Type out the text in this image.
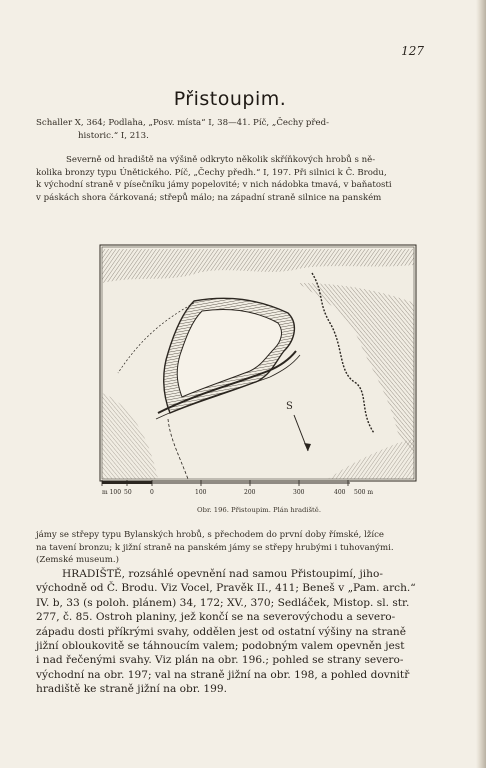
127
Přistoupim.
Schaller X, 364; Podlaha, „Posv. místa“ I, 38—41. Píč, „Čechy před-
historic.“ I, 213.

Severně od hradiště na výšině odkryto několik skříňkových hrobů s ně-

kolika bronzy typu Únětického. Píč, „Čechy předh.“ I, 197. Při silnici k Č. Brodu,

k východní straně v písečníku jámy popelovité; v nich nádobka tmavá, v baňatosti

v páskách shora čárkovaná; střepů málo; na západní straně silnice na panském

S
m 100 50	0	100	200	300	400 500 m
Obr. 196. Přistoupim. Plán hradiště.

jámy se střepy typu Bylanských hrobů, s přechodem do první doby římské, lžíce

na tavení bronzu; k jižní straně na panském jámy se střepy hrubými i tuhovanými.

(Zemské museum.)

HRADIŠTĚ, rozsáhlé opevnění nad samou Přistoupimí, jiho-

východně od Č. Brodu. Viz Vocel, Pravěk II., 411; Beneš v „Pam. arch.“

IV. b, 33 (s poloh. plánem) 34, 172; XV., 370; Sedláček, Mistop. sl. str.

277, č. 85. Ostroh planiny, jež končí se na severovýchodu a severo-

západu dosti příkrými svahy, oddělen jest od ostatní výšiny na straně

jižní obloukovitě se táhnoucím valem; podobným valem opevněn jest

i nad řečenými svahy. Viz plán na obr. 196.; pohled se strany severo-

východní na obr. 197; val na straně jižní na obr. 198, a pohled dovnitř

hradiště ke straně jižní na obr. 199.
